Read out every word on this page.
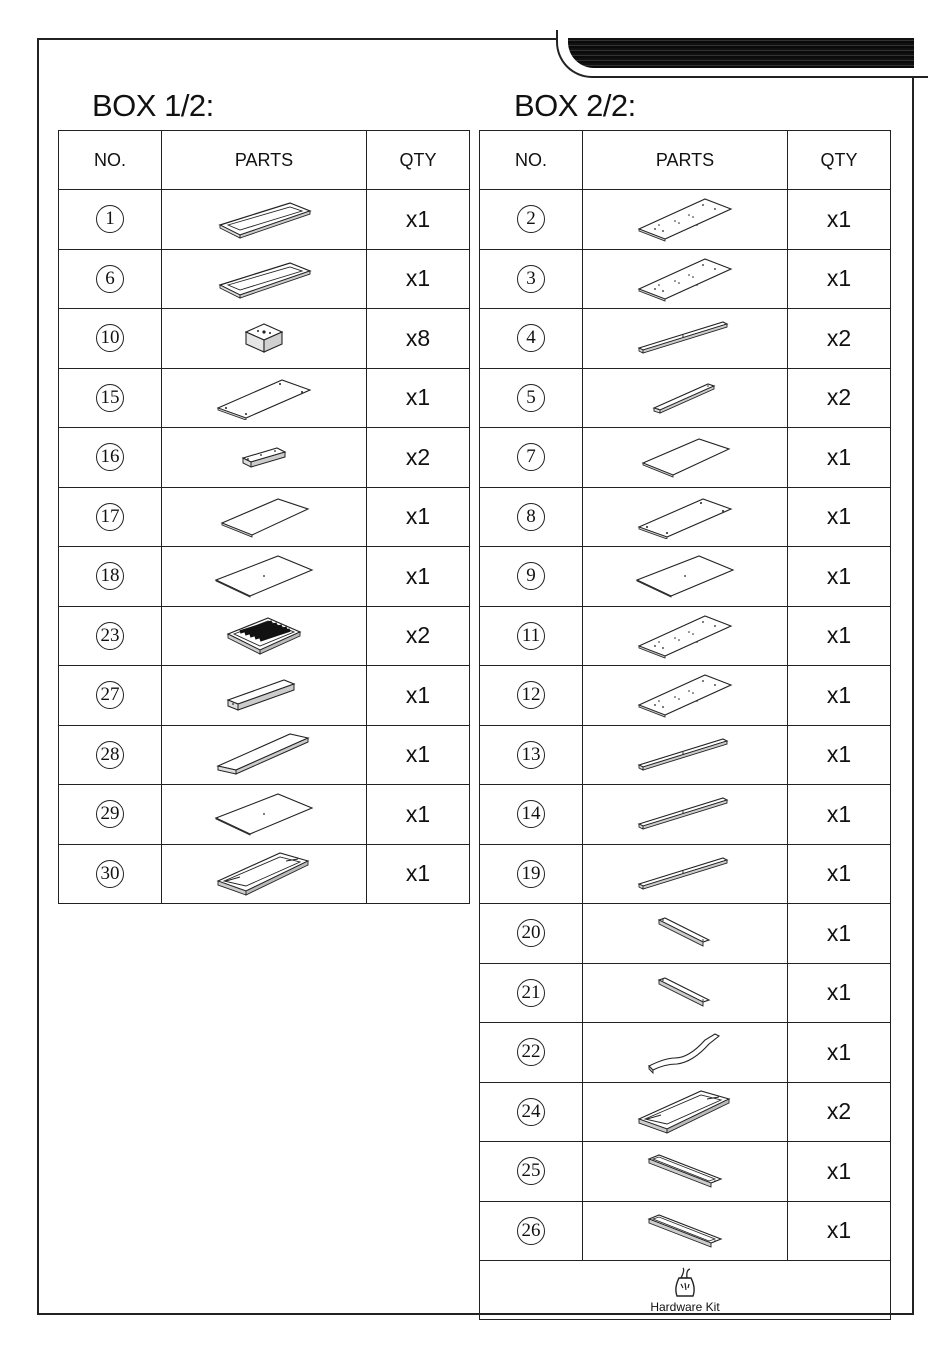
BOX 1/2:	BOX 2/2:
NO.	PARTS	QTY
1		x1
6		x1
10		x8
15		x1
16		x2
17		x1
18		x1
23		x2
27		x1
28		x1
29		x1
30		x1
NO.	PARTS	QTY
2		x1
3		x1
4		x2
5		x2
7		x1
8		x1
9		x1
11		x1
12		x1
13		x1
14		x1
19		x1
20		x1
21		x1
22		x1
24		x2
25		x1
26		x1

Hardware Kit		
